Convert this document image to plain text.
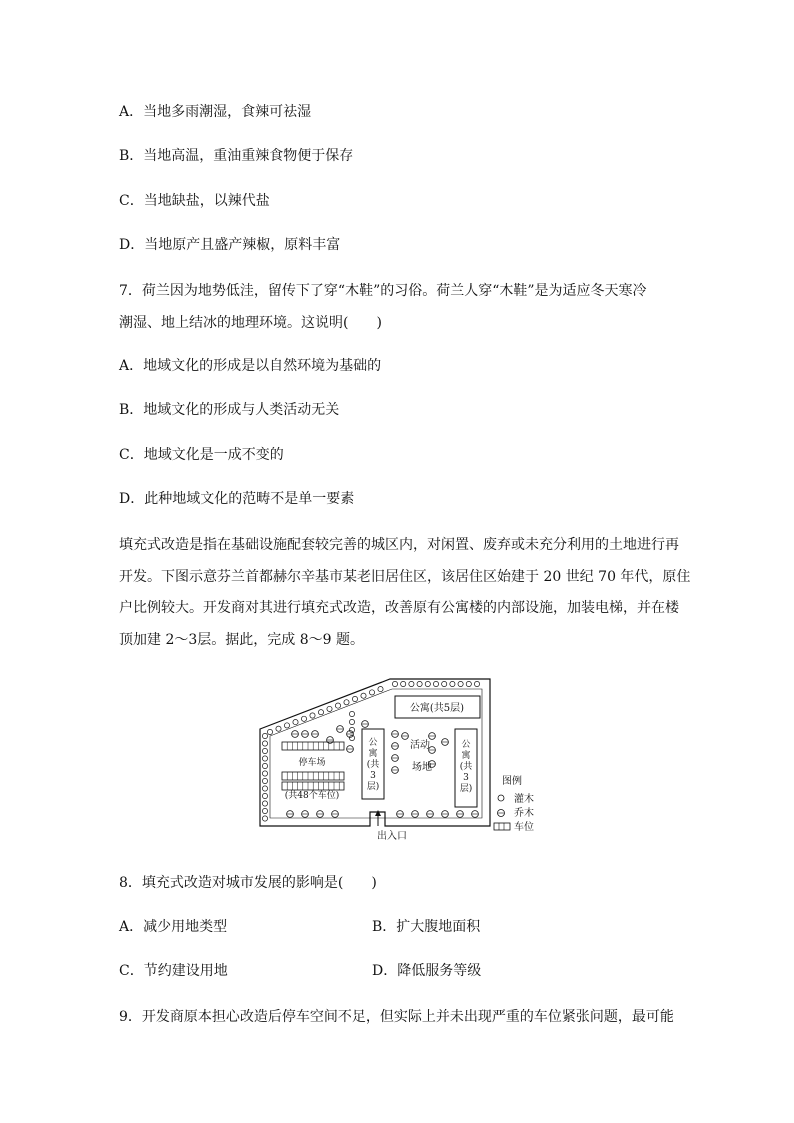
A．当地多雨潮湿，食辣可祛湿
B．当地高温，重油重辣食物便于保存
C．当地缺盐，以辣代盐
D．当地原产且盛产辣椒，原料丰富
7．荷兰因为地势低洼，留传下了穿“木鞋”的习俗。荷兰人穿“木鞋”是为适应冬天寒冷
潮湿、地上结冰的地理环境。这说明(　　)
A．地域文化的形成是以自然环境为基础的
B．地域文化的形成与人类活动无关
C．地域文化是一成不变的
D．此种地域文化的范畴不是单一要素
填充式改造是指在基础设施配套较完善的城区内，对闲置、废弃或未充分利用的土地进行再
开发。下图示意芬兰首都赫尔辛基市某老旧居住区，该居住区始建于 20 世纪 70 年代，原住
户比例较大。开发商对其进行填充式改造，改善原有公寓楼的内部设施，加装电梯，并在楼
顶加建 2～3层。据此，完成 8～9 题。
公寓(共5层)
公
寓
(共
3
层)
公
寓
(共
3
层)
活动
场地
停车场
(共48个车位)
出入口
图例
灌木
乔木
车位
8．填充式改造对城市发展的影响是(　　)
A．减少用地类型	B．扩大腹地面积
C．节约建设用地	D．降低服务等级
9．开发商原本担心改造后停车空间不足，但实际上并未出现严重的车位紧张问题，最可能
